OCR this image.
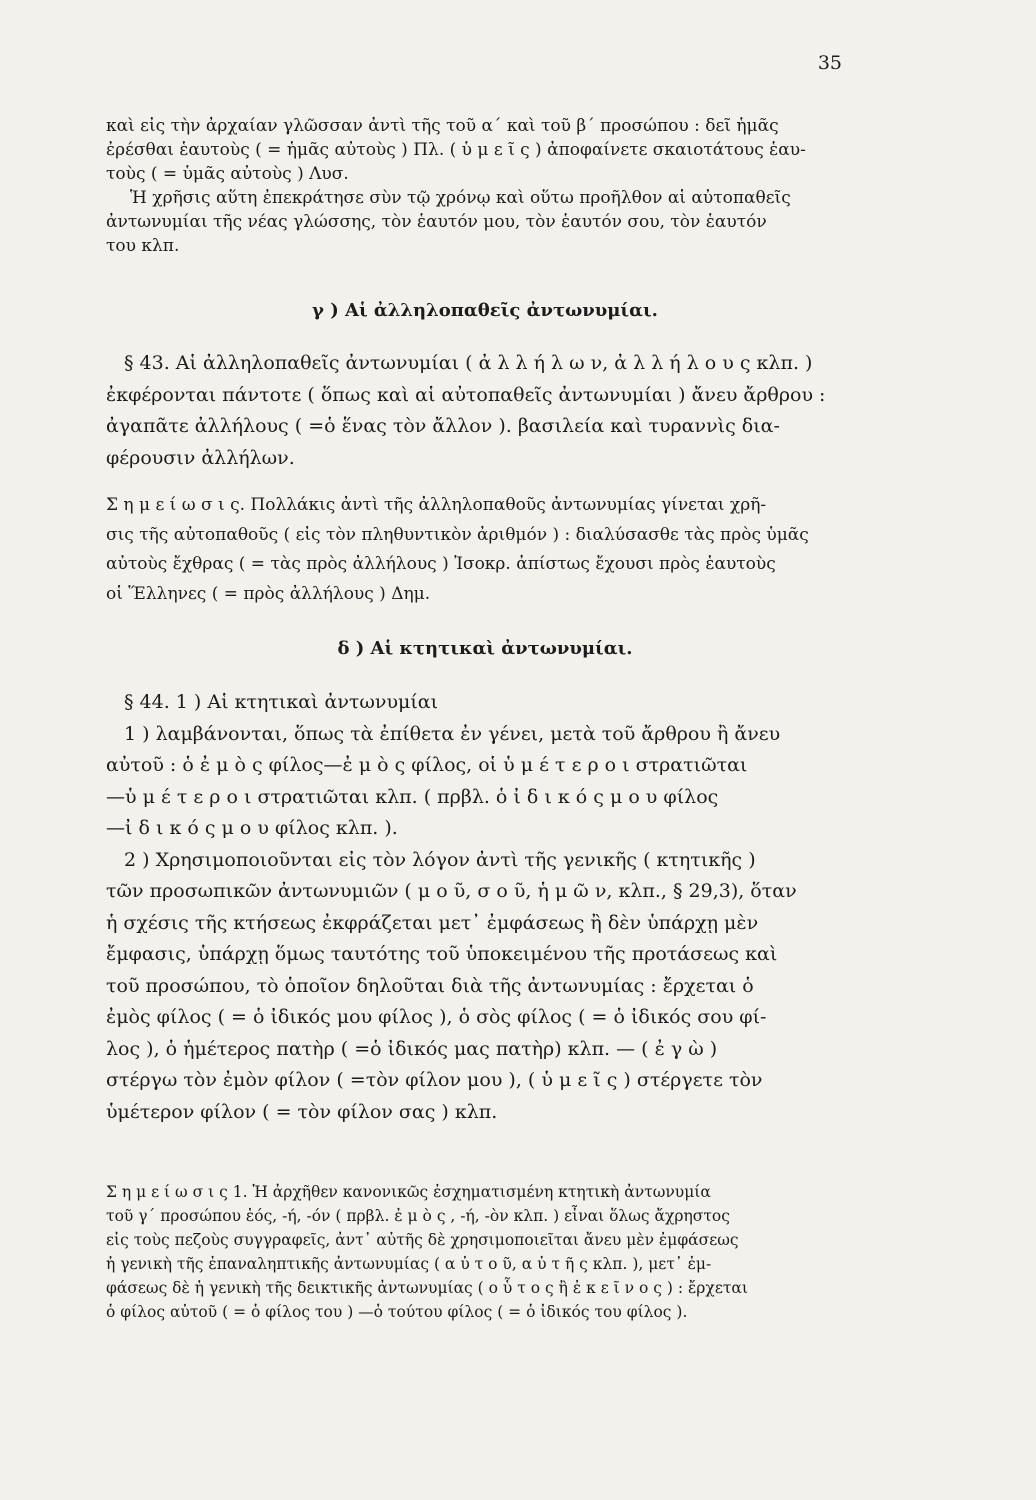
35
καὶ εἰς τὴν ἀρχαίαν γλῶσσαν ἀντὶ τῆς τοῦ α΄ καὶ τοῦ β΄ προσώπου : δεῖ ἡμᾶς
ἐρέσθαι ἑαυτοὺς ( = ἡμᾶς αὐτοὺς ) Πλ. ( ὑ μ ε ῖ ς ) ἀποφαίνετε σκαιοτάτους ἑαυ-
τοὺς ( = ὑμᾶς αὐτοὺς ) Λυσ.
Ἡ χρῆσις αὕτη ἐπεκράτησε σὺν τῷ χρόνῳ καὶ οὕτω προῆλθον αἱ αὐτοπαθεῖς
ἀντωνυμίαι τῆς νέας γλώσσης, τὸν ἑαυτόν μου, τὸν ἑαυτόν σου, τὸν ἑαυτόν
του κλπ.
γ ) Αἱ ἀλληλοπαθεῖς ἀντωνυμίαι.
§ 43. Αἱ ἀλληλοπαθεῖς ἀντωνυμίαι ( ἀ λ λ ή λ ω ν, ἀ λ λ ή λ ο υ ς κλπ. )
ἐκφέρονται πάντοτε ( ὅπως καὶ αἱ αὐτοπαθεῖς ἀντωνυμίαι ) ἄνευ ἄρθρου :
ἀγαπᾶτε ἀλλήλους ( =ὁ ἕνας τὸν ἄλλον ). βασιλεία καὶ τυραννὶς δια-
φέρουσιν ἀλλήλων.
Σ η μ ε ί ω σ ι ς. Πολλάκις ἀντὶ τῆς ἀλληλοπαθοῦς ἀντωνυμίας γίνεται χρῆ-
σις τῆς αὐτοπαθοῦς ( εἰς τὸν πληθυντικὸν ἀριθμόν ) : διαλύσασθε τὰς πρὸς ὑμᾶς
αὐτοὺς ἔχθρας ( = τὰς πρὸς ἀλλήλους ) Ἰσοκρ. ἀπίστως ἔχουσι πρὸς ἑαυτοὺς
οἱ Ἕλληνες ( = πρὸς ἀλλήλους ) Δημ.
δ ) Αἱ κτητικαὶ ἀντωνυμίαι.
§ 44. 1 ) Αἱ κτητικαὶ ἀντωνυμίαι
1 ) λαμβάνονται, ὅπως τὰ ἐπίθετα ἐν γένει, μετὰ τοῦ ἄρθρου ἢ ἄνευ
αὐτοῦ : ὁ ἐ μ ὸ ς φίλος—ἐ μ ὸ ς φίλος, οἱ ὑ μ έ τ ε ρ ο ι στρατιῶται
—ὑ μ έ τ ε ρ ο ι στρατιῶται κλπ. ( πρβλ. ὁ ἰ δ ι κ ό ς μ ο υ φίλος
—ἰ δ ι κ ό ς μ ο υ φίλος κλπ. ).
2 ) Χρησιμοποιοῦνται εἰς τὸν λόγον ἀντὶ τῆς γενικῆς ( κτητικῆς )
τῶν προσωπικῶν ἀντωνυμιῶν ( μ ο ῦ, σ ο ῦ, ἡ μ ῶ ν, κλπ., § 29,3), ὅταν
ἡ σχέσις τῆς κτήσεως ἐκφράζεται μετ᾽ ἐμφάσεως ἢ δὲν ὑπάρχῃ μὲν
ἔμφασις, ὑπάρχῃ ὅμως ταυτότης τοῦ ὑποκειμένου τῆς προτάσεως καὶ
τοῦ προσώπου, τὸ ὁποῖον δηλοῦται διὰ τῆς ἀντωνυμίας : ἔρχεται ὁ
ἐμὸς φίλος ( = ὁ ἰδικός μου φίλος ), ὁ σὸς φίλος ( = ὁ ἰδικός σου φί-
λος ), ὁ ἡμέτερος πατὴρ ( =ὁ ἰδικός μας πατὴρ) κλπ. — ( ἐ γ ὼ )
στέργω τὸν ἐμὸν φίλον ( =τὸν φίλον μου ), ( ὑ μ ε ῖ ς ) στέργετε τὸν
ὑμέτερον φίλον ( = τὸν φίλον σας ) κλπ.
Σ η μ ε ί ω σ ι ς 1. Ἡ ἀρχῆθεν κανονικῶς ἐσχηματισμένη κτητικὴ ἀντωνυμία
τοῦ γ΄ προσώπου ἑός, -ή, -όν ( πρβλ. ἐ μ ὸ ς , -ή, -ὸν κλπ. ) εἶναι ὅλως ἄχρηστος
εἰς τοὺς πεζοὺς συγγραφεῖς, ἀντ᾽ αὐτῆς δὲ χρησιμοποιεῖται ἄνευ μὲν ἐμφάσεως
ἡ γενικὴ τῆς ἐπαναληπτικῆς ἀντωνυμίας ( α ὐ τ ο ῦ, α ὐ τ ῆ ς κλπ. ), μετ᾽ ἐμ-
φάσεως δὲ ἡ γενικὴ τῆς δεικτικῆς ἀντωνυμίας ( ο ὗ τ ο ς ἢ ἐ κ ε ῖ ν ο ς ) : ἔρχεται
ὁ φίλος αὐτοῦ ( = ὁ φίλος του ) —ὁ τούτου φίλος ( = ὁ ἰδικός του φίλος ).
